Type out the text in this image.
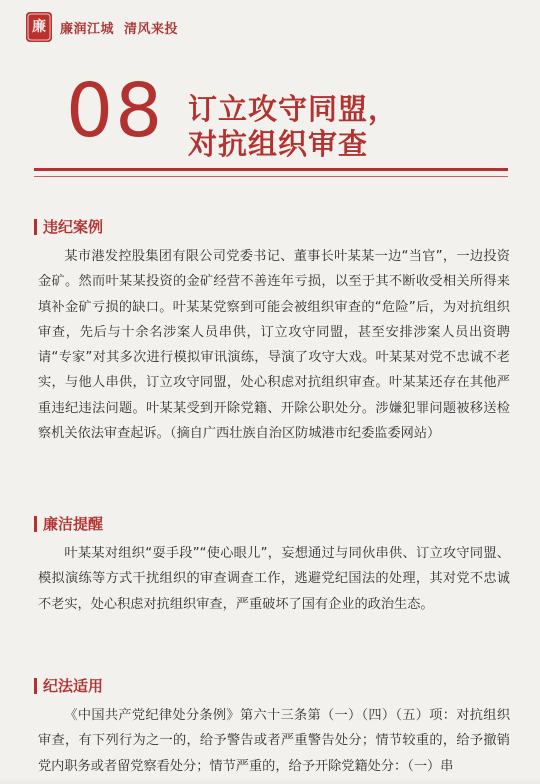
廉 廉润江城  清风来投
08 订立攻守同盟，
对抗组织审查
违纪案例
某市港发控股集团有限公司党委书记、董事长叶某某一边“当官”，一边投资金矿。然而叶某某投资的金矿经营不善连年亏损，以至于其不断收受相关所得来填补金矿亏损的缺口。叶某某党察到可能会被组织审查的“危险”后，为对抗组织审查，先后与十余名涉案人员串供，订立攻守同盟，甚至安排涉案人员出资聘请“专家”对其多次进行模拟审讯演练，导演了攻守大戏。叶某某对党不忠诚不老实，与他人串供，订立攻守同盟，处心积虑对抗组织审查。叶某某还存在其他严重违纪违法问题。叶某某受到开除党籍、开除公职处分。涉嫌犯罪问题被移送检察机关依法审查起诉。（摘自广西壮族自治区防城港市纪委监委网站）
廉洁提醒
叶某某对组织“耍手段”“使心眼儿”，妄想通过与同伙串供、订立攻守同盟、模拟演练等方式干扰组织的审查调查工作，逃避党纪国法的处理，其对党不忠诚不老实，处心积虑对抗组织审查，严重破坏了国有企业的政治生态。
纪法适用
《中国共产党纪律处分条例》第六十三条第（一）（四）（五）项：对抗组织审查，有下列行为之一的，给予警告或者严重警告处分；情节较重的，给予撤销党内职务或者留党察看处分；情节严重的，给予开除党籍处分：（一）串
